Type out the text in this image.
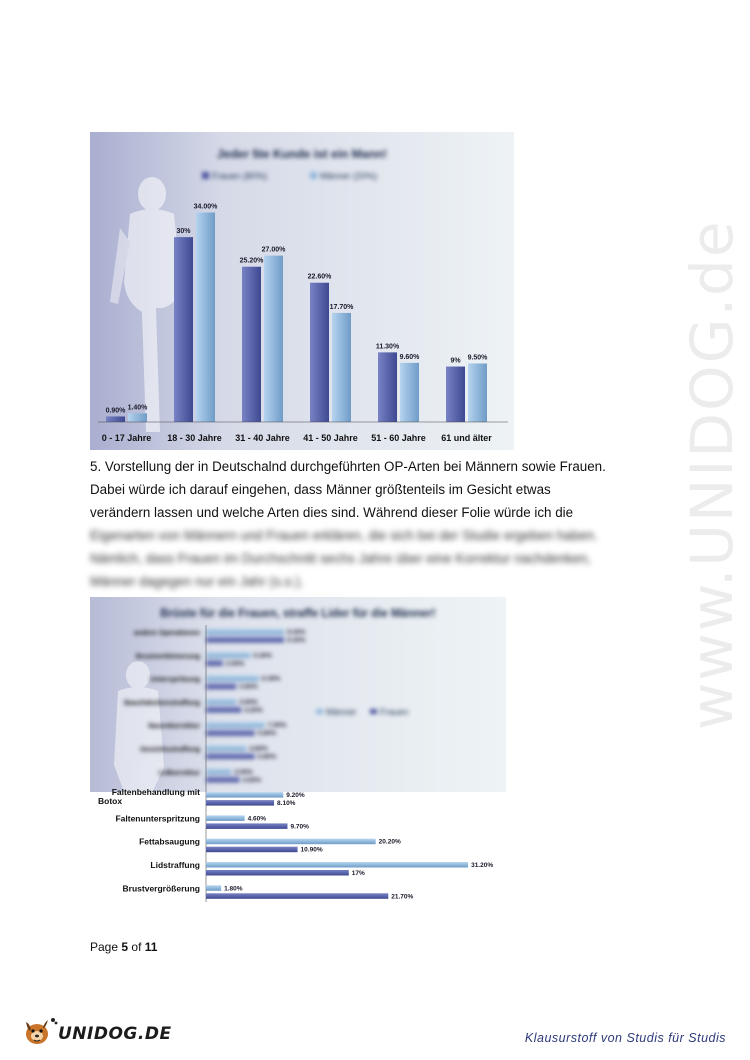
www.UNIDOG.de
Jeder 5te Kunde ist ein Mann!
Frauen (80%)	Männer (20%)
0.90% 1.40%
30%
34.00%
25.20%
27.00%
22.60%
17.70%
11.30%
9.60%
9% 9.50%
0 - 17 Jahre 18 - 30 Jahre 31 - 40 Jahre 41 - 50 Jahre 51 - 60 Jahre 61 und älter
5. Vorstellung der in Deutschalnd durchgeführten OP-Arten bei Männern sowie Frauen.
Dabei würde ich darauf eingehen, dass Männer größtenteils im Gesicht etwas
verändern lassen und welche Arten dies sind. Während dieser Folie würde ich die
Eigenarten von Männern und Frauen erklären, die sich bei der Studie ergeben haben.
Nämlich, dass Frauen im Durchschnitt sechs Jahre über eine Korrektur nachdenken,
Männer dagegen nur ein Jahr (s.o.).
Brüste für die Frauen, straffe Lider für die Männer!
Männer	Frauen
andere Operationen	9.30%
9.30%
Brustverkleinerung	5.30%
2.00%
Unterspritzung	6.30%
3.60%
Bauchdeckenstraffung	3.60%
4.20%
Nasenkorrektur	7.00%
5.80%
Gesichtsstraffung	4.80%
5.80%
Lidkorrektur	3.00%
4.00%
Faltenbehandlung mit
Botox
9.20%
8.10%
Faltenunterspritzung	4.60%
9.70%
Fettabsaugung	20.20%
10.90%
Lidstraffung	31.20%
17%
Brustvergrößerung	1.80%
21.70%
Page 5 of 11
UNIDOG.DE	Klausurstoff von Studis für Studis
